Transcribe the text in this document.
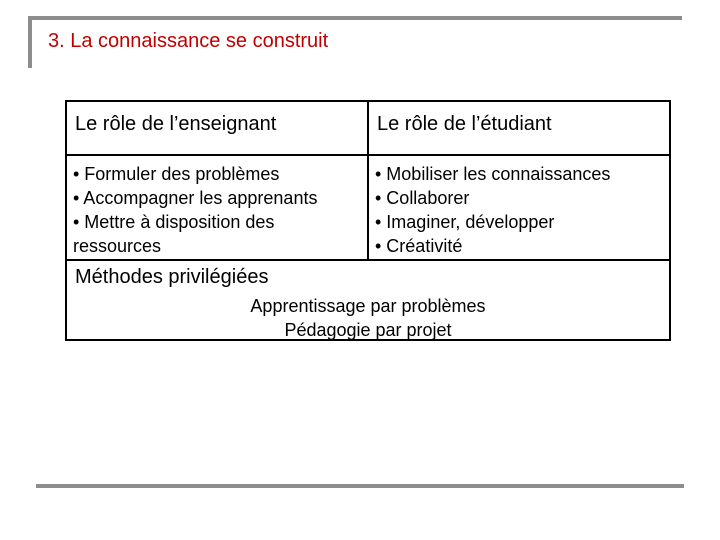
3. La connaissance se construit
Le rôle de l’enseignant	Le rôle de l’étudiant
• Formuler des problèmes
• Accompagner les apprenants
• Mettre à disposition des
ressources
• Mobiliser les connaissances
• Collaborer
• Imaginer, développer
• Créativité
Méthodes privilégiées
Apprentissage par problèmes
Pédagogie par projet
